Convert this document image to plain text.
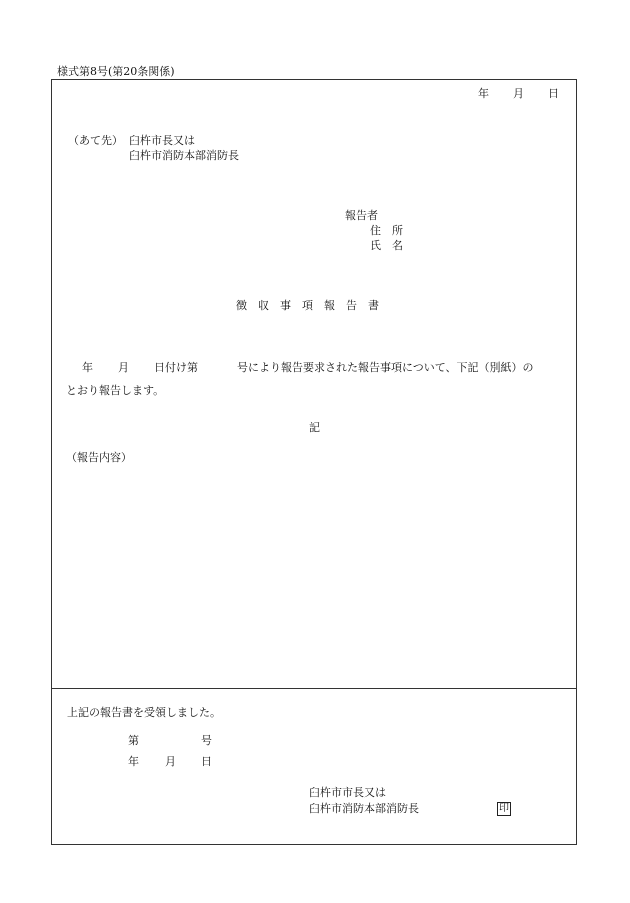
様式第8号(第20条関係)
年 月 日
（あて先） 臼杵市長又は
臼杵市消防本部消防長
報告者
住　所
氏　名
徴　収　事　項　報　告　書
年 月 日付け第	号により報告要求された報告事項について、下記（別紙）の
とおり報告します。
記
（報告内容）
上記の報告書を受領しました。
第	号
年 月 日
臼杵市市長又は
臼杵市消防本部消防長	印
